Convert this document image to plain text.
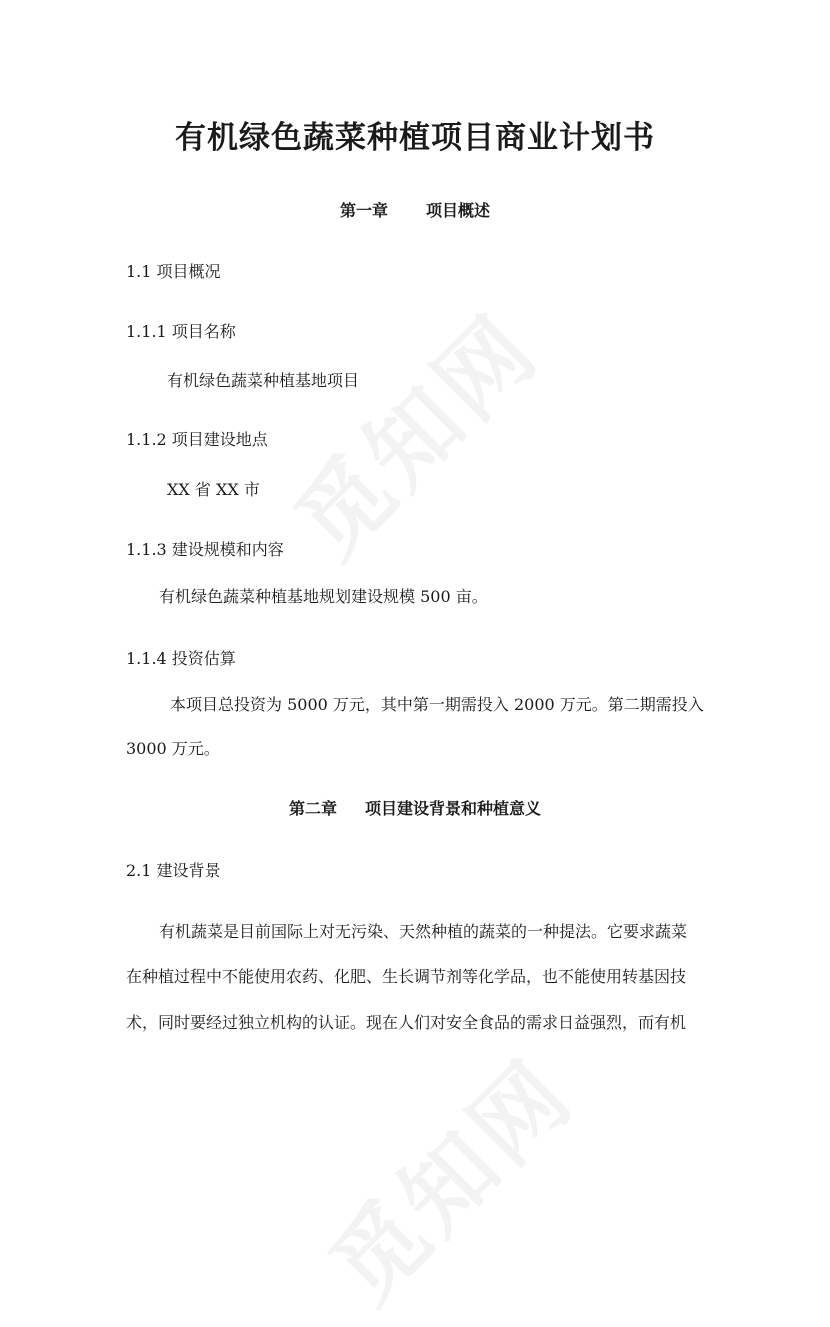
有机绿色蔬菜种植项目商业计划书
第一章 项目概述
1.1 项目概况
1.1.1 项目名称
有机绿色蔬菜种植基地项目
1.1.2 项目建设地点
XX 省 XX 市
1.1.3 建设规模和内容
有机绿色蔬菜种植基地规划建设规模 500 亩。
1.1.4 投资估算
本项目总投资为 5000 万元，其中第一期需投入 2000 万元。第二期需投入
3000 万元。
第二章 项目建设背景和种植意义
2.1 建设背景
有机蔬菜是目前国际上对无污染、天然种植的蔬菜的一种提法。它要求蔬菜
在种植过程中不能使用农药、化肥、生长调节剂等化学品，也不能使用转基因技
术，同时要经过独立机构的认证。现在人们对安全食品的需求日益强烈，而有机
